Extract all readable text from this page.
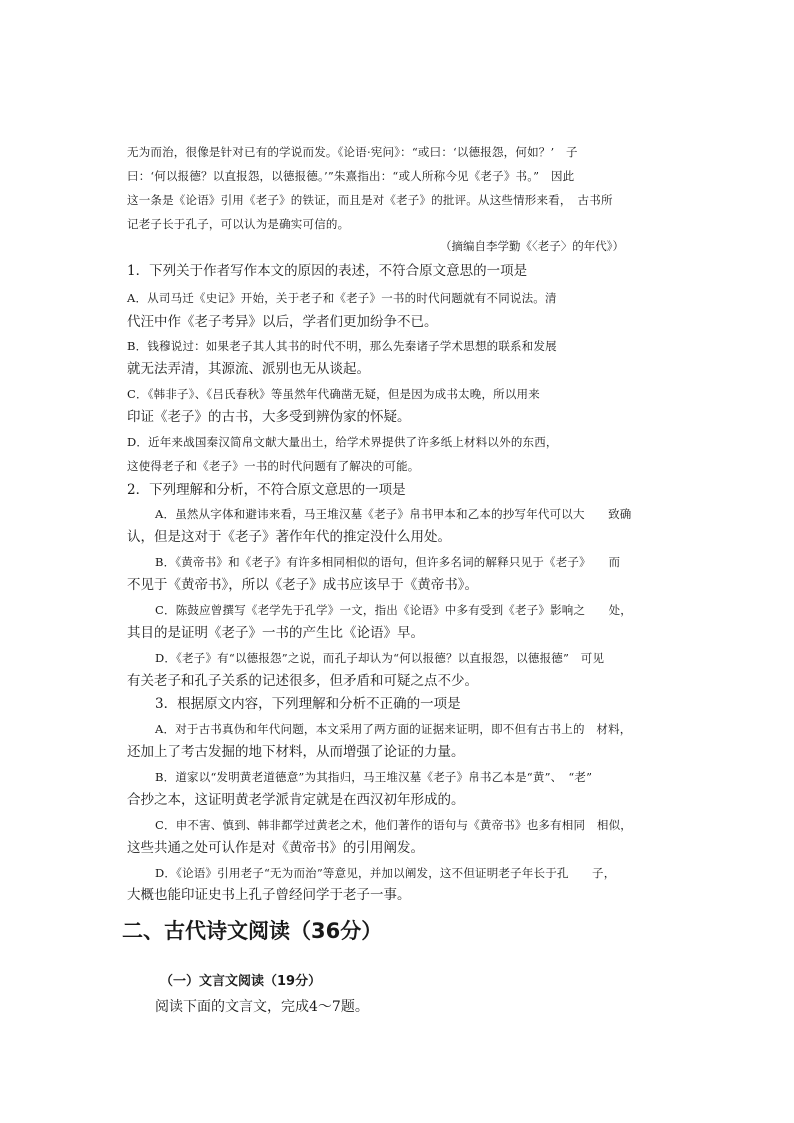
无为而治，很像是针对已有的学说而发。《论语·宪问》：“或曰：‘以德报怨，何如？’　子
曰：‘何以报德？以直报怨，以德报德。’”朱熹指出：“或人所称今见《老子》书。”　因此
这一条是《论语》引用《老子》的铁证，而且是对《老子》的批评。从这些情形来看，　古书所
记老子长于孔子，可以认为是确实可信的。
（摘编自李学勤《〈老子〉的年代》）
1．下列关于作者写作本文的原因的表述，不符合原文意思的一项是
A．从司马迁《史记》开始，关于老子和《老子》一书的时代问题就有不同说法。清
代汪中作《老子考异》以后，学者们更加纷争不已。
B．钱穆说过：如果老子其人其书的时代不明，那么先秦诸子学术思想的联系和发展
就无法弄清，其源流、派别也无从谈起。
C．《韩非子》、《吕氏春秋》等虽然年代确凿无疑，但是因为成书太晚，所以用来
印证《老子》的古书，大多受到辨伪家的怀疑。
D．近年来战国秦汉简帛文献大量出土，给学术界提供了许多纸上材料以外的东西，
这使得老子和《老子》一书的时代问题有了解决的可能。
2．下列理解和分析，不符合原文意思的一项是
A．虽然从字体和避讳来看，马王堆汉墓《老子》帛书甲本和乙本的抄写年代可以大　　致确
认，但是这对于《老子》著作年代的推定没什么用处。
B．《黄帝书》和《老子》有许多相同相似的语句，但许多名词的解释只见于《老子》　　而
不见于《黄帝书》，所以《老子》成书应该早于《黄帝书》。
C．陈鼓应曾撰写《老学先于孔学》一文，指出《论语》中多有受到《老子》影响之　　处，
其目的是证明《老子》一书的产生比《论语》早。
D．《老子》有“以德报怨”之说，而孔子却认为“何以报德？以直报怨，以德报德”　可见
有关老子和孔子关系的记述很多，但矛盾和可疑之点不少。
3．根据原文内容，下列理解和分析不正确的一项是
A．对于古书真伪和年代问题，本文采用了两方面的证据来证明，即不但有古书上的　材料，
还加上了考古发掘的地下材料，从而增强了论证的力量。
B．道家以“发明黄老道德意”为其指归，马王堆汉墓《老子》帛书乙本是“黄”、　“老”
合抄之本，这证明黄老学派肯定就是在西汉初年形成的。
C．申不害、慎到、韩非都学过黄老之术，他们著作的语句与《黄帝书》也多有相同　相似，
这些共通之处可认作是对《黄帝书》的引用阐发。
D．《论语》引用老子“无为而治”等意见，并加以阐发，这不但证明老子年长于孔　　子，
大概也能印证史书上孔子曾经问学于老子一事。
二、古代诗文阅读（36分）
（一）文言文阅读（19分）
阅读下面的文言文，完成4～7题。
